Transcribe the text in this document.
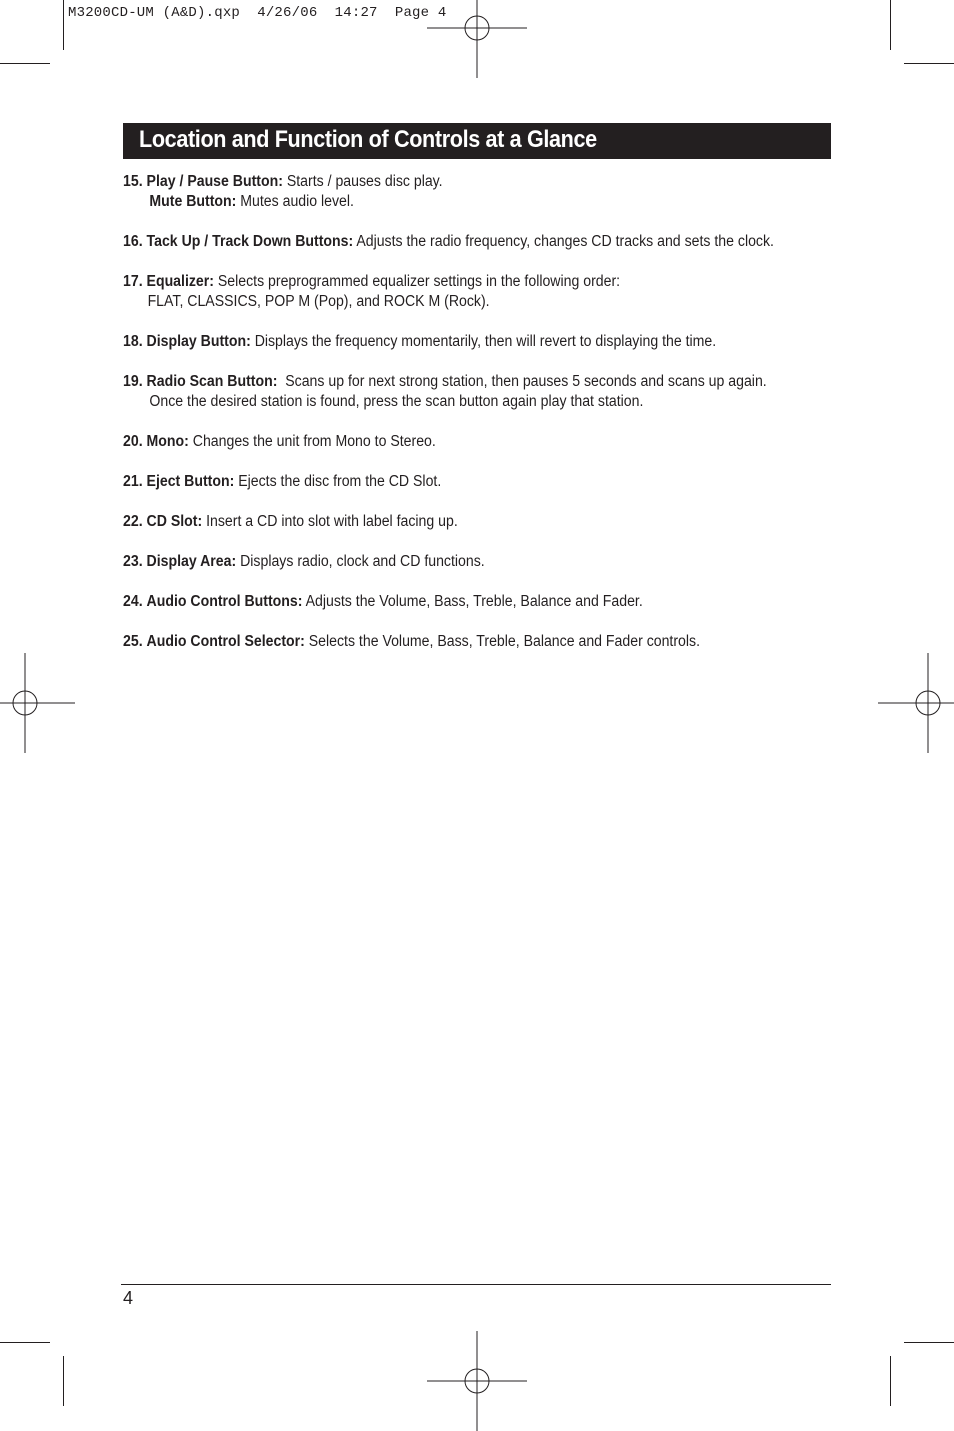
M3200CD-UM (A&D).qxp  4/26/06  14:27  Page 4
Location and Function of Controls at a Glance
15. Play / Pause Button: Starts / pauses disc play.
Mute Button: Mutes audio level.
16. Tack Up / Track Down Buttons: Adjusts the radio frequency, changes CD tracks and sets the clock.
17. Equalizer: Selects preprogrammed equalizer settings in the following order:
FLAT, CLASSICS, POP M (Pop), and ROCK M (Rock).
18. Display Button: Displays the frequency momentarily, then will revert to displaying the time.
19. Radio Scan Button:  Scans up for next strong station, then pauses 5 seconds and scans up again.
Once the desired station is found, press the scan button again play that station.
20. Mono: Changes the unit from Mono to Stereo.
21. Eject Button: Ejects the disc from the CD Slot.
22. CD Slot: Insert a CD into slot with label facing up.
23. Display Area: Displays radio, clock and CD functions.
24. Audio Control Buttons: Adjusts the Volume, Bass, Treble, Balance and Fader.
25. Audio Control Selector: Selects the Volume, Bass, Treble, Balance and Fader controls.
4
